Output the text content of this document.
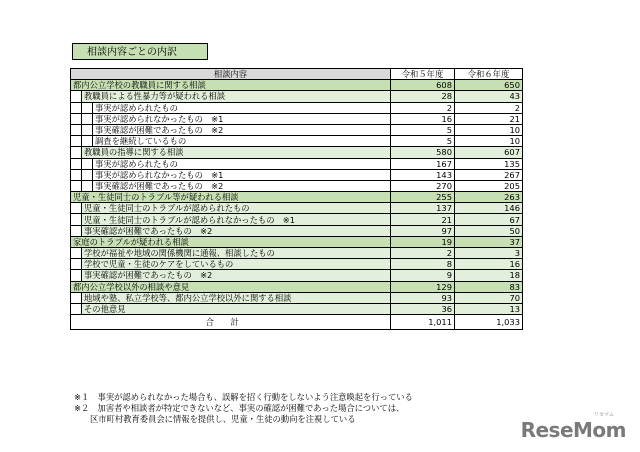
相談内容ごとの内訳
相談内容			令和５年度	令和６年度
都内公立学校の教職員に関する相談			608	650
	教職員による性暴力等が疑われる相談		28	43
		事実が認められたもの	2	2
		事実が認められなかったもの　※1	16	21
		事実確認が困難であったもの　※2	5	10
		調査を継続しているもの	5	10
	教職員の指導に関する相談		580	607
		事実が認められたもの	167	135
		事実が認められなかったもの　※1	143	267
		事実確認が困難であったもの　※2	270	205
児童・生徒同士のトラブル等が疑われる相談			255	263
	児童・生徒同士のトラブルが認められたもの		137	146
	児童・生徒同士のトラブルが認められなかったもの　※1		21	67
	事実確認が困難であったもの　※2		97	50
家庭のトラブルが疑われる相談			19	37
	学校が福祉や地域の関係機関に通報、相談したもの		2	3
	学校で児童・生徒のケアをしているもの		8	16
	事実確認が困難であったもの　※2		9	18
都内公立学校以外の相談や意見			129	83
	地域や塾、私立学校等、都内公立学校以外に関する相談		93	70
	その他意見		36	13
合計			1,011	1,033
※１　事実が認められなかった場合も、誤解を招く行動をしないよう注意喚起を行っている
※２　加害者や相談者が特定できないなど、事実の確認が困難であった場合については、
区市町村教育委員会に情報を提供し、児童・生徒の動向を注視している	リセマム
ReseMom
